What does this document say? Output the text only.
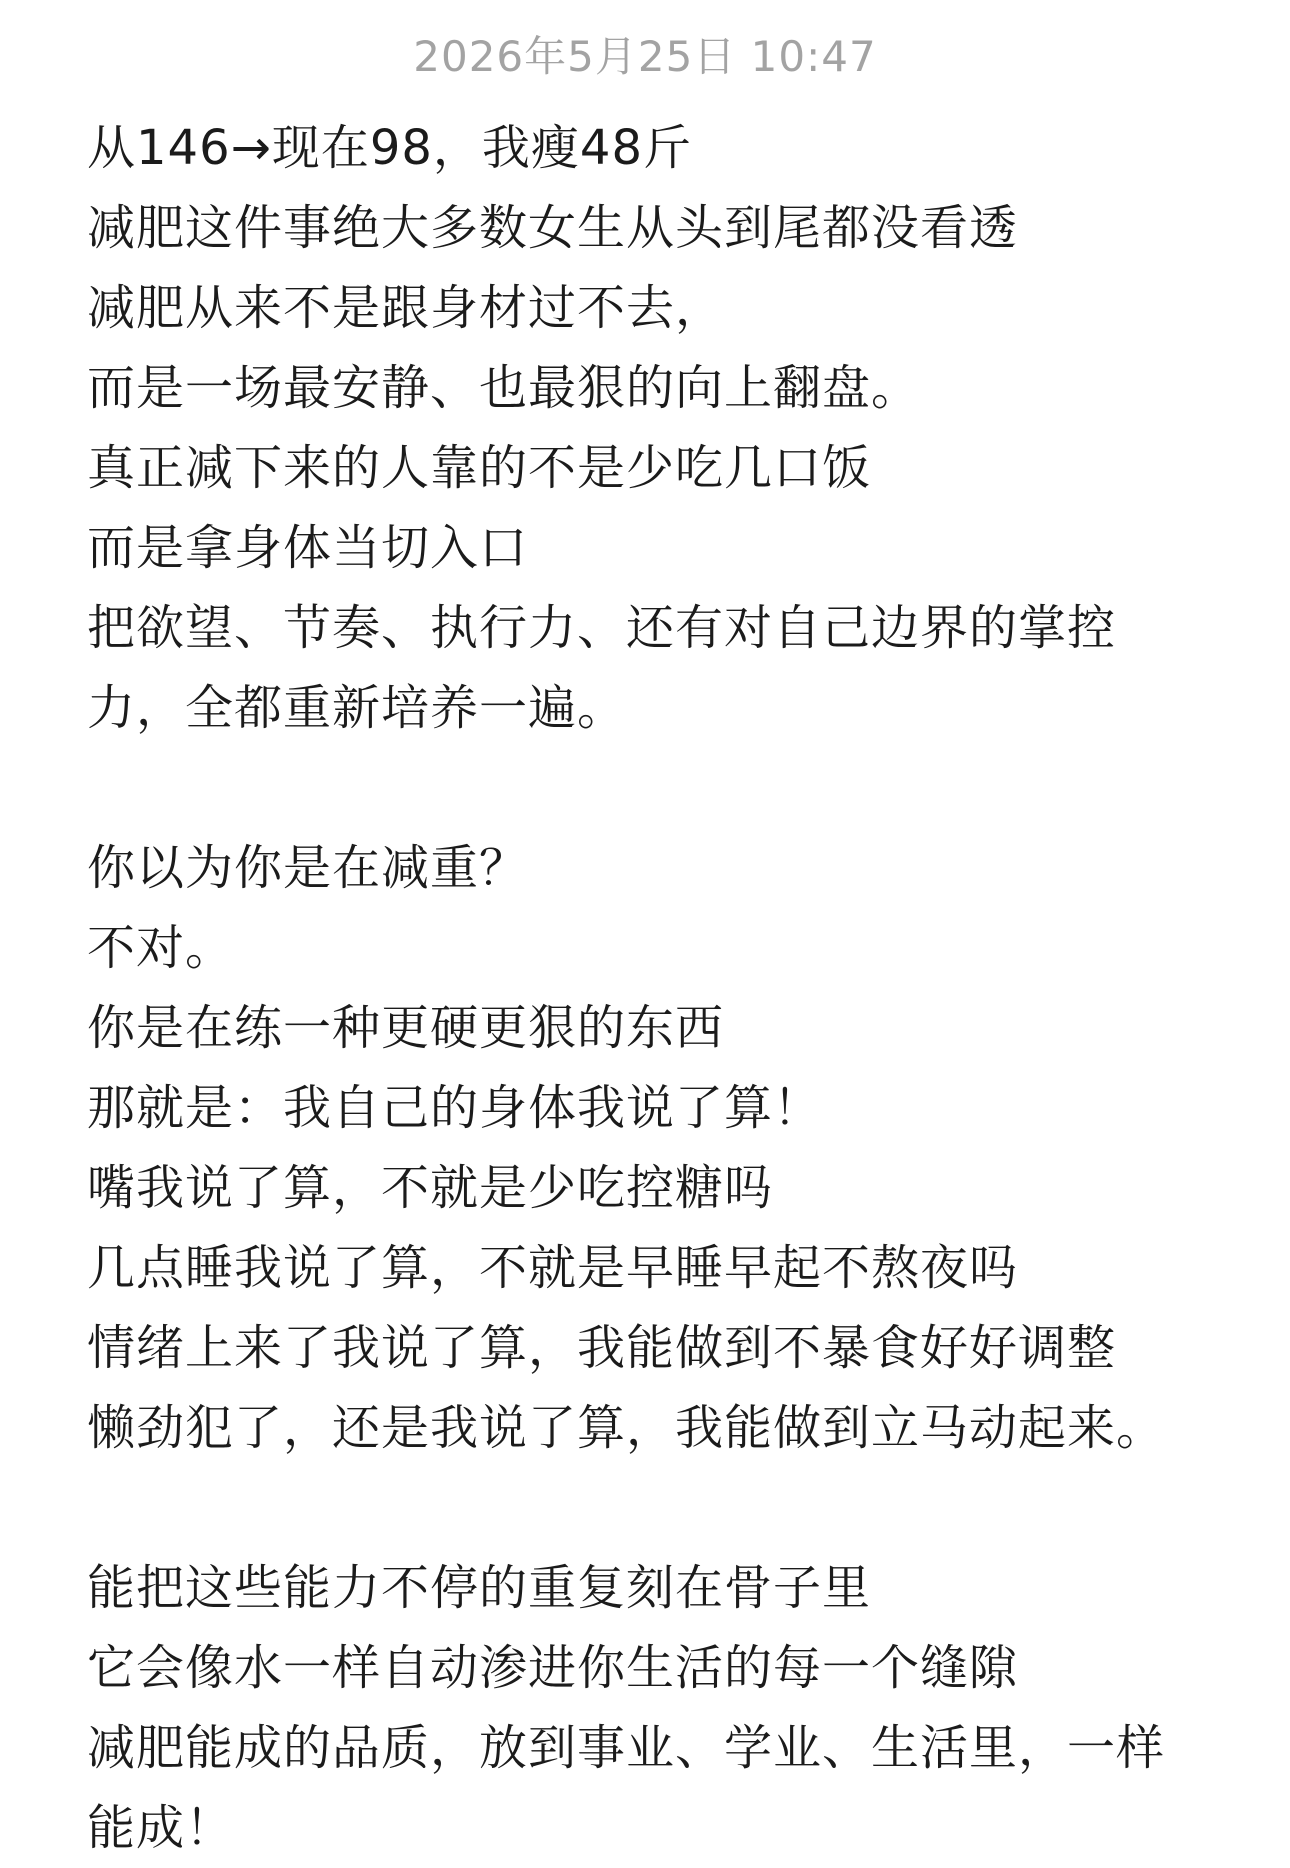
2026年5月25日 10:47
从146→现在98，我瘦48斤
减肥这件事绝大多数女生从头到尾都没看透
减肥从来不是跟身材过不去，
而是一场最安静、也最狠的向上翻盘。
真正减下来的人靠的不是少吃几口饭
而是拿身体当切入口
把欲望、节奏、执行力、还有对自己边界的掌控
力，全都重新培养一遍。
你以为你是在减重？
不对。
你是在练一种更硬更狠的东西
那就是：我自己的身体我说了算！
嘴我说了算，不就是少吃控糖吗
几点睡我说了算，不就是早睡早起不熬夜吗
情绪上来了我说了算，我能做到不暴食好好调整
懒劲犯了，还是我说了算，我能做到立马动起来。
能把这些能力不停的重复刻在骨子里
它会像水一样自动渗进你生活的每一个缝隙
减肥能成的品质，放到事业、学业、生活里，一样
能成！
